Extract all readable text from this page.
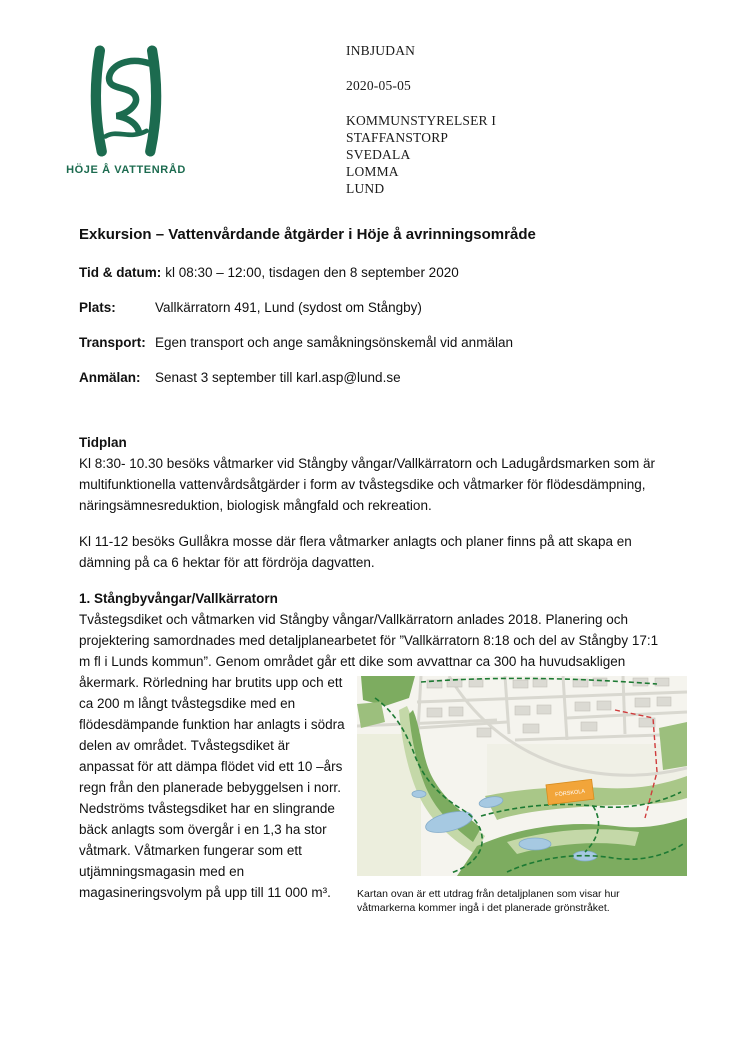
HÖJE Å VATTENRÅD
INBJUDAN
2020-05-05
KOMMUNSTYRELSER I
STAFFANSTORP
SVEDALA
LOMMA
LUND
Exkursion – Vattenvårdande åtgärder i Höje å avrinningsområde
Tid & datum: kl 08:30 – 12:00, tisdagen den 8 september 2020
Plats:	Vallkärratorn 491, Lund (sydost om Stångby)
Transport: Egen transport och ange samåkningsönskemål vid anmälan
Anmälan:	Senast 3 september till karl.asp@lund.se
Tidplan

Kl 8:30- 10.30 besöks våtmarker vid Stångby vångar/Vallkärratorn och Ladugårdsmarken som är multifunktionella vattenvårdsåtgärder i form av tvåstegsdike och våtmarker för flödesdämpning, näringsämnesreduktion, biologisk mångfald och rekreation.

Kl 11-12 besöks Gullåkra mosse där flera våtmarker anlagts och planer finns på att skapa en dämning på ca 6 hektar för att fördröja dagvatten.

1. Stångbyvångar/Vallkärratorn

Tvåstegsdiket och våtmarken vid Stångby vångar/Vallkärratorn anlades 2018. Planering och projektering samordnades med detaljplanearbetet för ”Vallkärratorn 8:18 och del av Stångby 17:1 m fl i Lunds kommun”. Genom området går ett dike som avvattnar ca 300 ha huvudsakligen

åkermark. Rörledning har brutits upp och ett ca 200 m långt tvåstegsdike med en flödesdämpande funktion har anlagts i södra delen av området. Tvåstegsdiket är anpassat för att dämpa flödet vid ett 10 –års regn från den planerade bebyggelsen i norr. Nedströms tvåstegsdiket har en slingrande bäck anlagts som övergår i en 1,3 ha stor våtmark. Våtmarken fungerar som ett utjämningsmagasin med en magasineringsvolym på upp till 11 000 m³.

FÖRSKOLA

Kartan ovan är ett utdrag från detaljplanen som visar hur våtmarkerna kommer ingå i det planerade grönstråket.
